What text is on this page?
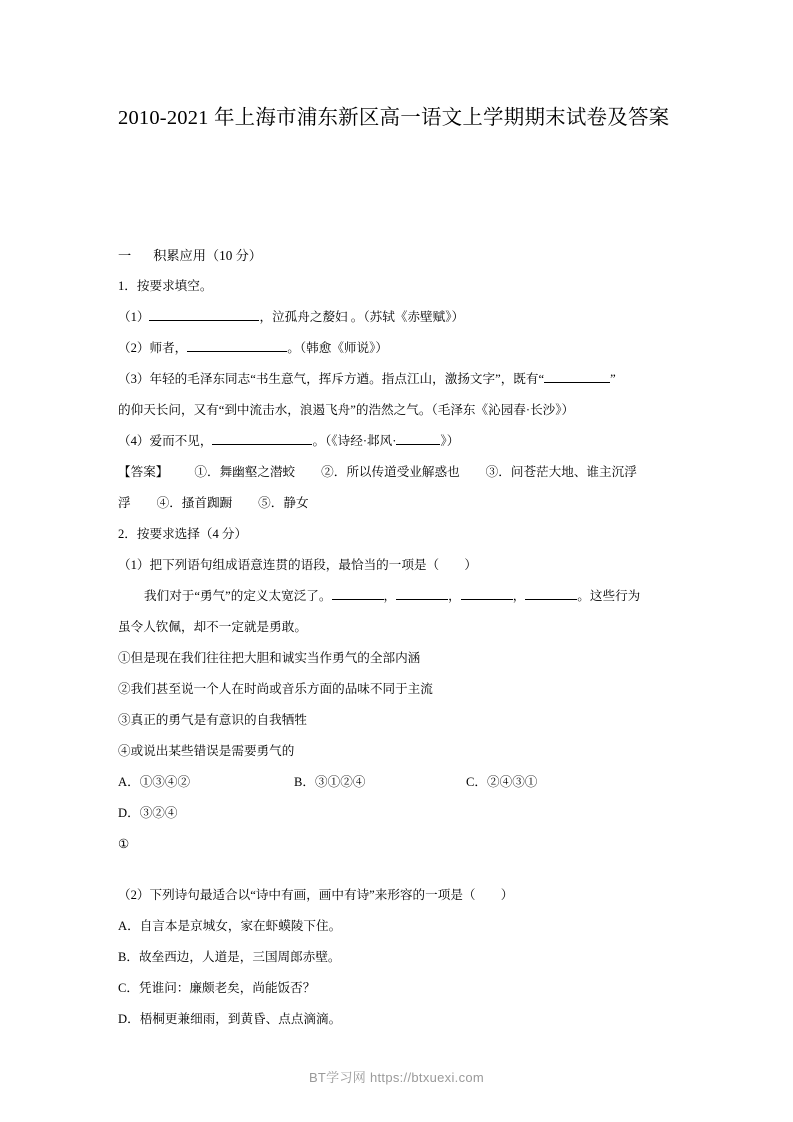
2010-2021 年上海市浦东新区高一语文上学期期末试卷及答案

一 积累应用（10 分）

1．按要求填空。

（1）	，泣孤舟之嫠妇 。（苏轼《赤壁赋》）

（2）师者，	。（韩愈《师说》）

（3）年轻的毛泽东同志“书生意气，挥斥方遒。指点江山，激扬文字”，既有“	”

的仰天长问，又有“到中流击水，浪遏飞舟”的浩然之气。（毛泽东《沁园春·长沙》）

（4）爱而不见，	。（《诗经·邶风·	》）

【答案】 ①．舞幽壑之潜蛟 ②．所以传道受业解惑也 ③．问苍茫大地、谁主沉浮

浮 ④．搔首踟蹰 ⑤．静女

2．按要求选择（4 分）

（1）把下列语句组成语意连贯的语段，最恰当的一项是（　　）

我们对于“勇气”的定义太宽泛了。	，	，	，	。这些行为

虽令人钦佩，却不一定就是勇敢。

①但是现在我们往往把大胆和诚实当作勇气的全部内涵

②我们甚至说一个人在时尚或音乐方面的品味不同于主流

③真正的勇气是有意识的自我牺牲

④或说出某些错误是需要勇气的

A．①③④②	B．③①②④	C．②④③①D．③②④

①

（2）下列诗句最适合以“诗中有画，画中有诗”来形容的一项是（　　）

A．自言本是京城女，家在虾蟆陵下住。

B．故垒西边，人道是，三国周郎赤壁。

C．凭谁问：廉颇老矣，尚能饭否？

D．梧桐更兼细雨，到黄昏、点点滴滴。

BT学习网 https://btxuexi.com
